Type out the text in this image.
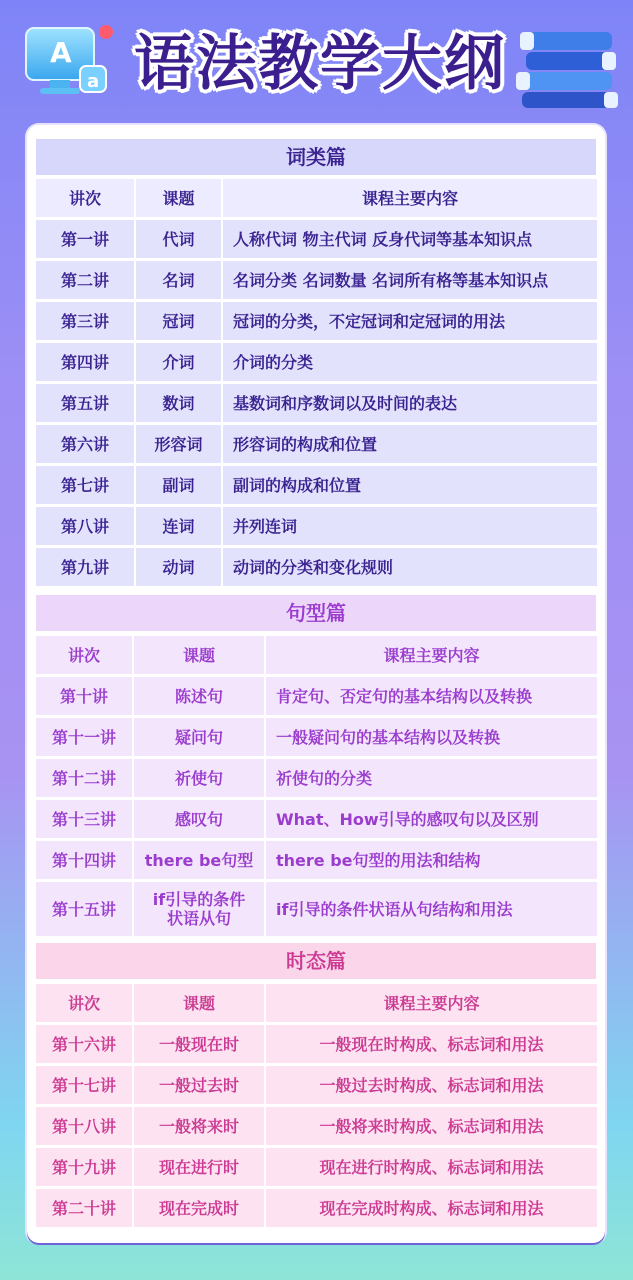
A
a 语法教学大纲
词类篇
讲次	课题	课程主要内容
第一讲	代词	人称代词 物主代词 反身代词等基本知识点
第二讲	名词	名词分类 名词数量 名词所有格等基本知识点
第三讲	冠词	冠词的分类，不定冠词和定冠词的用法
第四讲	介词	介词的分类
第五讲	数词	基数词和序数词以及时间的表达
第六讲	形容词	形容词的构成和位置
第七讲	副词	副词的构成和位置
第八讲	连词	并列连词
第九讲	动词	动词的分类和变化规则
句型篇
讲次	课题	课程主要内容
第十讲	陈述句	肯定句、否定句的基本结构以及转换
第十一讲	疑问句	一般疑问句的基本结构以及转换
第十二讲	祈使句	祈使句的分类
第十三讲	感叹句	What、How引导的感叹句以及区别
第十四讲	there be句型	there be句型的用法和结构
第十五讲	if引导的条件状语从句	if引导的条件状语从句结构和用法
时态篇
讲次	课题	课程主要内容
第十六讲	一般现在时	一般现在时构成、标志词和用法
第十七讲	一般过去时	一般过去时构成、标志词和用法
第十八讲	一般将来时	一般将来时构成、标志词和用法
第十九讲	现在进行时	现在进行时构成、标志词和用法
第二十讲	现在完成时	现在完成时构成、标志词和用法
